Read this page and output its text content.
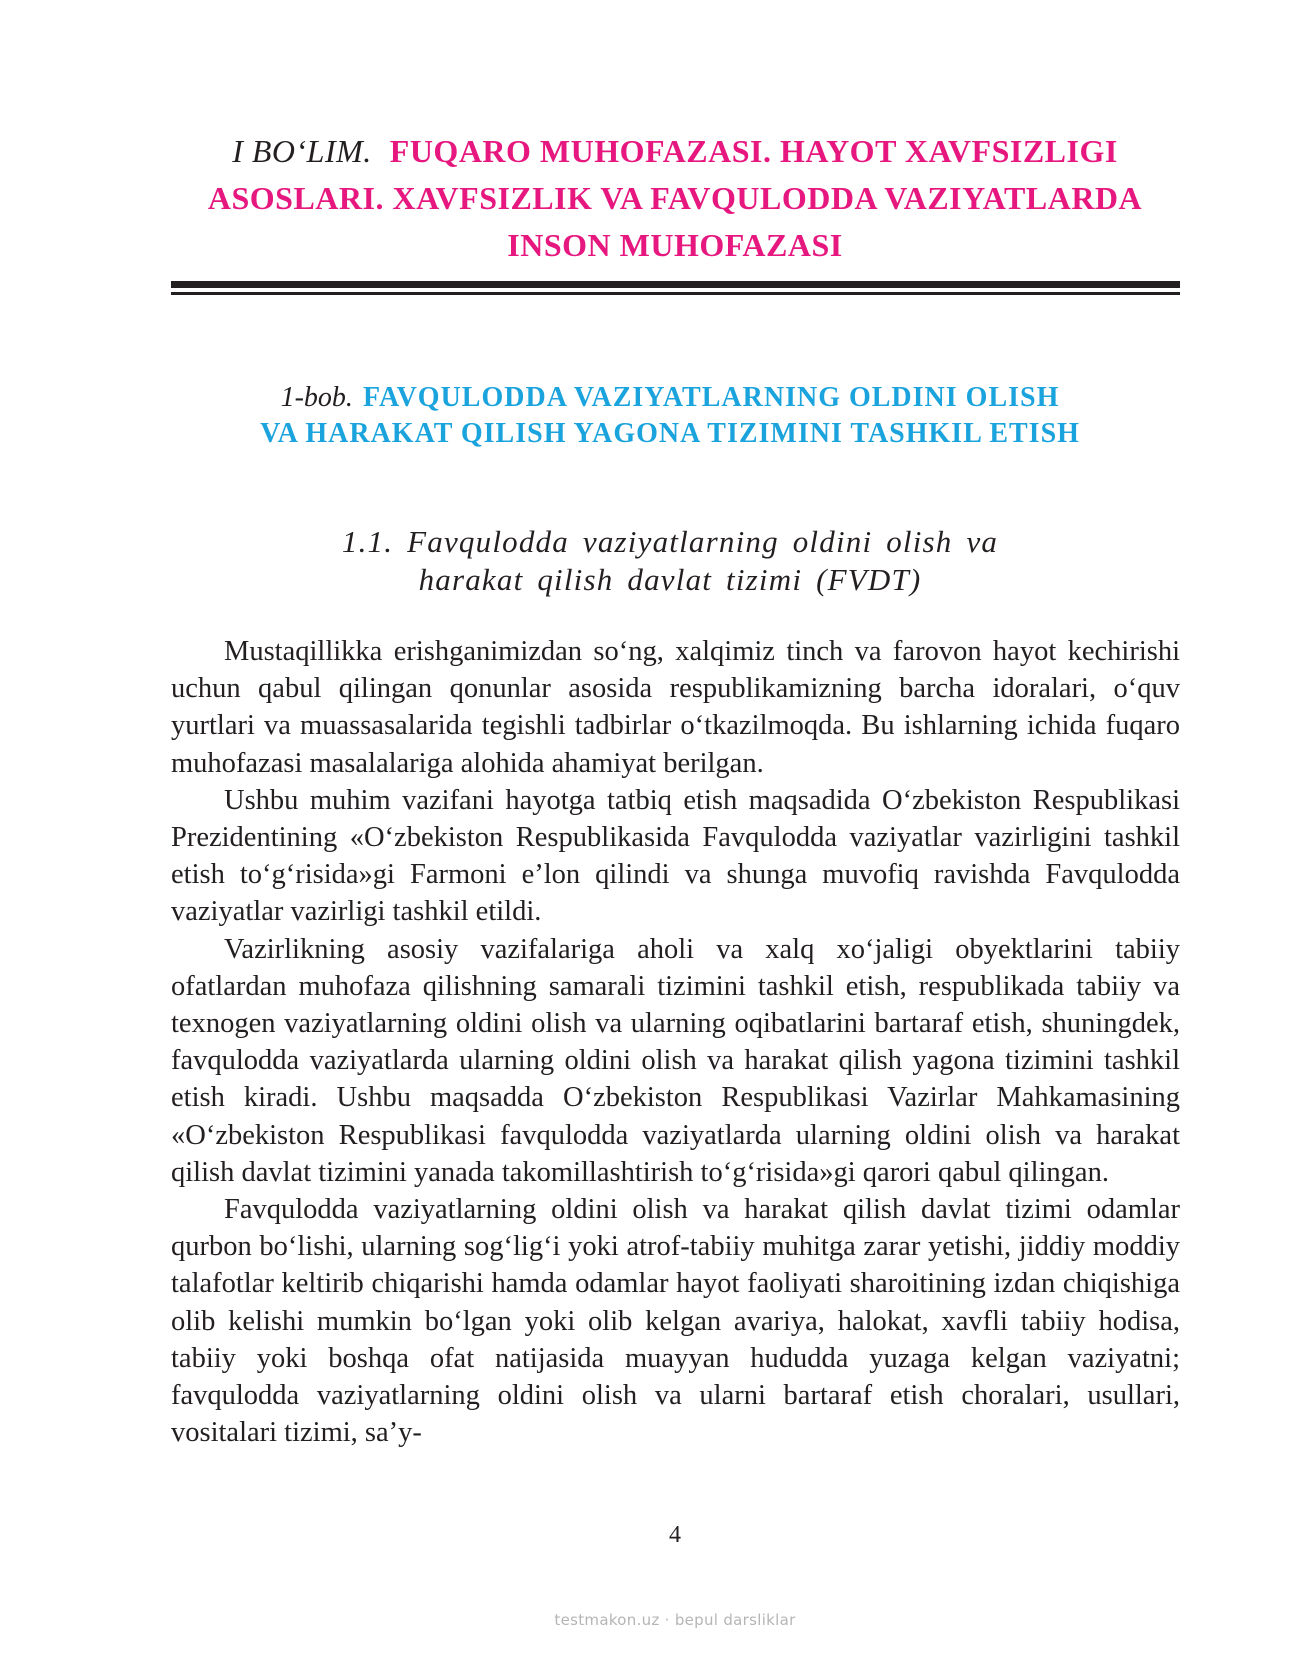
I BO‘LIM. FUQARO MUHOFAZASI. HAYOT XAVFSIZLIGI ASOSLARI. XAVFSIZLIK VA FAVQULODDA VAZIYATLARDA INSON MUHOFAZASI
1-bob. FAVQULODDA VAZIYATLARNING OLDINI OLISH VA HARAKAT QILISH YAGONA TIZIMINI TASHKIL ETISH
1.1. Favqulodda vaziyatlarning oldini olish va harakat qilish davlat tizimi (FVDT)

Mustaqillikka erishganimizdan so‘ng, xalqimiz tinch va farovon hayot kechirishi uchun qabul qilingan qonunlar asosida respublikamizning barcha idoralari, o‘quv yurtlari va muassasalarida tegishli tadbirlar o‘tkazilmoqda. Bu ishlarning ichida fuqaro muhofazasi masalalariga alohida ahamiyat berilgan.

Ushbu muhim vazifani hayotga tatbiq etish maqsadida O‘zbekiston Respublikasi Prezidentining «O‘zbekiston Respublikasida Favqulodda vaziyatlar vazirligini tashkil etish to‘g‘risida»gi Farmoni e’lon qilindi va shunga muvofiq ravishda Favqulodda vaziyatlar vazirligi tashkil etildi.

Vazirlikning asosiy vazifalariga aholi va xalq xo‘jaligi obyektlarini tabiiy ofatlardan muhofaza qilishning samarali tizimini tashkil etish, respublikada tabiiy va texnogen vaziyatlarning oldini olish va ularning oqibatlarini bartaraf etish, shuningdek, favqulodda vaziyatlarda ularning oldini olish va harakat qilish yagona tizimini tashkil etish kiradi. Ushbu maqsadda O‘zbekiston Respublikasi Vazirlar Mahkamasining «O‘zbekiston Respublikasi favqulodda vaziyatlarda ularning oldini olish va harakat qilish davlat tizimini yanada takomillashtirish to‘g‘risida»gi qarori qabul qilingan.

Favqulodda vaziyatlarning oldini olish va harakat qilish davlat tizimi odamlar qurbon bo‘lishi, ularning sog‘lig‘i yoki atrof-tabiiy muhitga zarar yetishi, jiddiy moddiy talafotlar keltirib chiqarishi hamda odamlar hayot faoliyati sharoitining izdan chiqishiga olib kelishi mumkin bo‘lgan yoki olib kelgan avariya, halokat, xavfli tabiiy hodisa, tabiiy yoki boshqa ofat natijasida muayyan hududda yuzaga kelgan vaziyatni; favqulodda vaziyatlarning oldini olish va ularni bartaraf etish choralari, usullari, vositalari tizimi, sa’y-

4
testmakon.uz · bepul darsliklar
